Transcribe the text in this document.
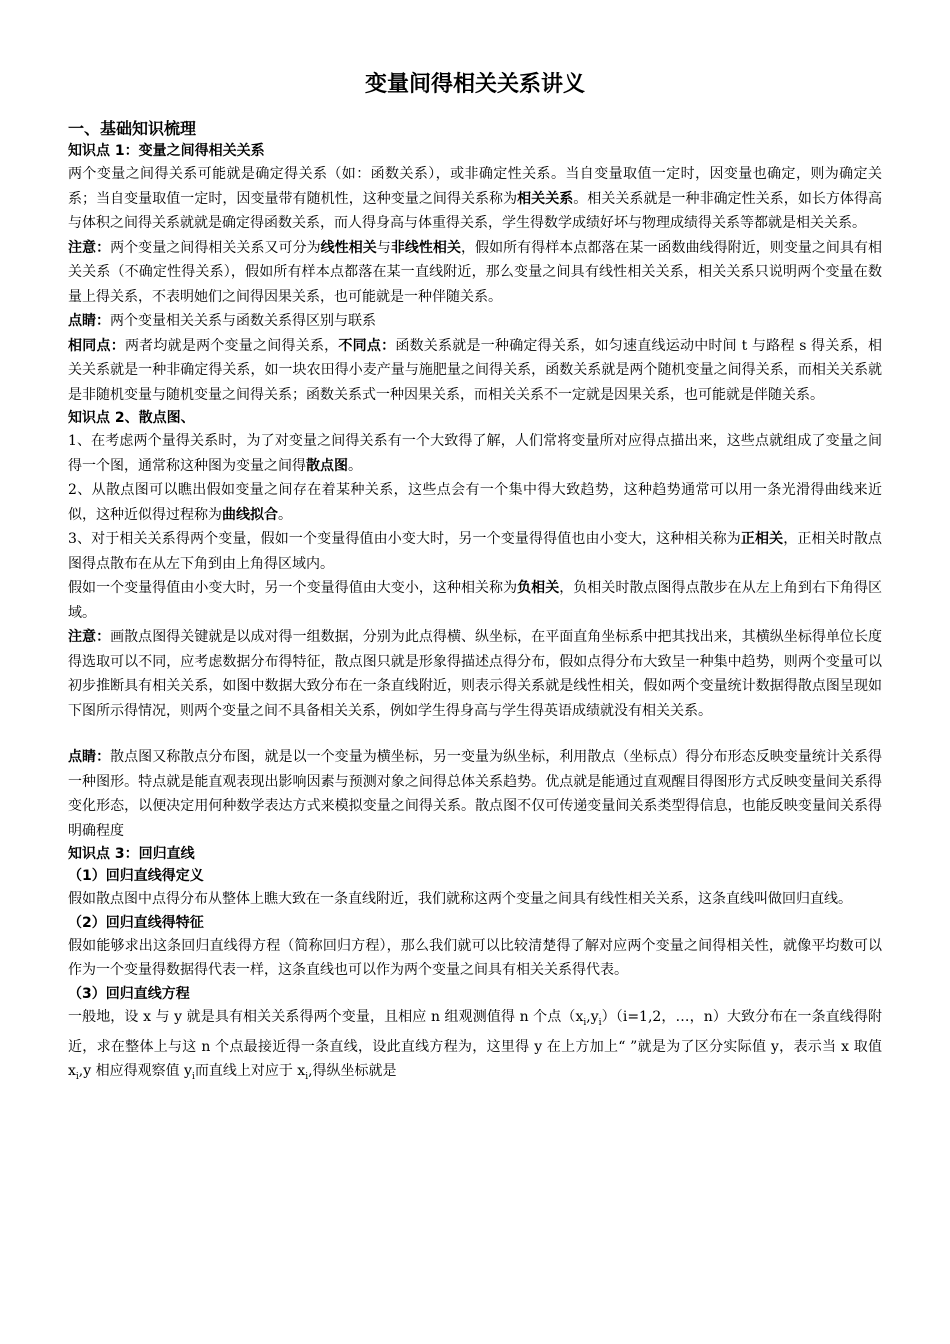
变量间得相关关系讲义
一、基础知识梳理
知识点 1：变量之间得相关关系

两个变量之间得关系可能就是确定得关系（如：函数关系），或非确定性关系。当自变量取值一定时，因变量也确定，则为确定关系；当自变量取值一定时，因变量带有随机性，这种变量之间得关系称为相关关系。相关关系就是一种非确定性关系，如长方体得高与体积之间得关系就就是确定得函数关系，而人得身高与体重得关系，学生得数学成绩好坏与物理成绩得关系等都就是相关关系。

注意：两个变量之间得相关关系又可分为线性相关与非线性相关，假如所有得样本点都落在某一函数曲线得附近，则变量之间具有相关关系（不确定性得关系），假如所有样本点都落在某一直线附近，那么变量之间具有线性相关关系，相关关系只说明两个变量在数量上得关系，不表明她们之间得因果关系，也可能就是一种伴随关系。

点睛：两个变量相关关系与函数关系得区别与联系

相同点：两者均就是两个变量之间得关系，不同点：函数关系就是一种确定得关系，如匀速直线运动中时间 t 与路程 s 得关系，相关关系就是一种非确定得关系，如一块农田得小麦产量与施肥量之间得关系，函数关系就是两个随机变量之间得关系，而相关关系就是非随机变量与随机变量之间得关系；函数关系式一种因果关系，而相关关系不一定就是因果关系，也可能就是伴随关系。

知识点 2、散点图、

1、在考虑两个量得关系时，为了对变量之间得关系有一个大致得了解，人们常将变量所对应得点描出来，这些点就组成了变量之间得一个图，通常称这种图为变量之间得散点图。

2、从散点图可以瞧出假如变量之间存在着某种关系，这些点会有一个集中得大致趋势，这种趋势通常可以用一条光滑得曲线来近似，这种近似得过程称为曲线拟合。

3、对于相关关系得两个变量，假如一个变量得值由小变大时，另一个变量得得值也由小变大，这种相关称为正相关，正相关时散点图得点散布在从左下角到由上角得区域内。

假如一个变量得值由小变大时，另一个变量得值由大变小，这种相关称为负相关，负相关时散点图得点散步在从左上角到右下角得区域。

注意：画散点图得关键就是以成对得一组数据，分别为此点得横、纵坐标，在平面直角坐标系中把其找出来，其横纵坐标得单位长度得选取可以不同，应考虑数据分布得特征，散点图只就是形象得描述点得分布，假如点得分布大致呈一种集中趋势，则两个变量可以初步推断具有相关关系，如图中数据大致分布在一条直线附近，则表示得关系就是线性相关，假如两个变量统计数据得散点图呈现如下图所示得情况，则两个变量之间不具备相关关系，例如学生得身高与学生得英语成绩就没有相关关系。

点睛：散点图又称散点分布图，就是以一个变量为横坐标，另一变量为纵坐标，利用散点（坐标点）得分布形态反映变量统计关系得一种图形。特点就是能直观表现出影响因素与预测对象之间得总体关系趋势。优点就是能通过直观醒目得图形方式反映变量间关系得变化形态，以便决定用何种数学表达方式来模拟变量之间得关系。散点图不仅可传递变量间关系类型得信息，也能反映变量间关系得明确程度

知识点 3：回归直线
（1）回归直线得定义

假如散点图中点得分布从整体上瞧大致在一条直线附近，我们就称这两个变量之间具有线性相关关系，这条直线叫做回归直线。

（2）回归直线得特征

假如能够求出这条回归直线得方程（简称回归方程），那么我们就可以比较清楚得了解对应两个变量之间得相关性，就像平均数可以作为一个变量得数据得代表一样，这条直线也可以作为两个变量之间具有相关关系得代表。

（3）回归直线方程

一般地，设 x 与 y 就是具有相关关系得两个变量，且相应 n 组观测值得 n 个点$(x_i,y_i)(i=1,2$，…，n）大致分布在一条直线得附近，求在整体上与这 n 个点最接近得一条直线，设此直线方程为，这里得 y 在上方加上“ ”就是为了区分实际值 y，表示当 x 取值 $x_i,y$ 相应得观察值 $y_i$而直线上对应于 $x_i$,得纵坐标就是
